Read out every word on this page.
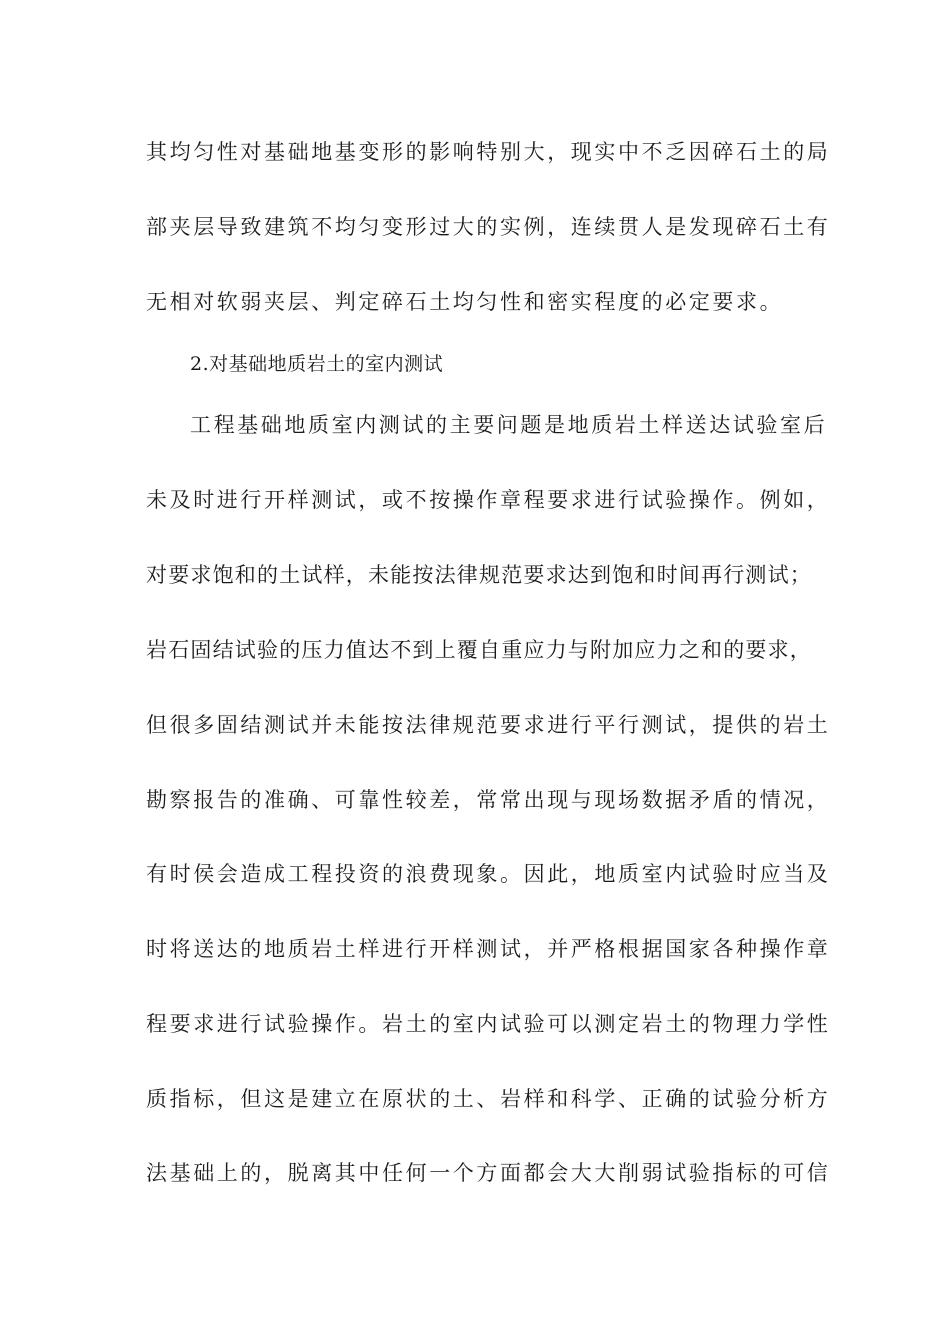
其均匀性对基础地基变形的影响特别大，现实中不乏因碎石土的局
部夹层导致建筑不均匀变形过大的实例，连续贯人是发现碎石土有
无相对软弱夹层、判定碎石土均匀性和密实程度的必定要求。
2.对基础地质岩土的室内测试
工程基础地质室内测试的主要问题是地质岩土样送达试验室后
未及时进行开样测试，或不按操作章程要求进行试验操作。例如，
对要求饱和的土试样，未能按法律规范要求达到饱和时间再行测试；
岩石固结试验的压力值达不到上覆自重应力与附加应力之和的要求，
但很多固结测试并未能按法律规范要求进行平行测试，提供的岩土
勘察报告的准确、可靠性较差，常常出现与现场数据矛盾的情况，
有时侯会造成工程投资的浪费现象。因此，地质室内试验时应当及
时将送达的地质岩土样进行开样测试，并严格根据国家各种操作章
程要求进行试验操作。岩土的室内试验可以测定岩土的物理力学性
质指标，但这是建立在原状的土、岩样和科学、正确的试验分析方
法基础上的，脱离其中任何一个方面都会大大削弱试验指标的可信
